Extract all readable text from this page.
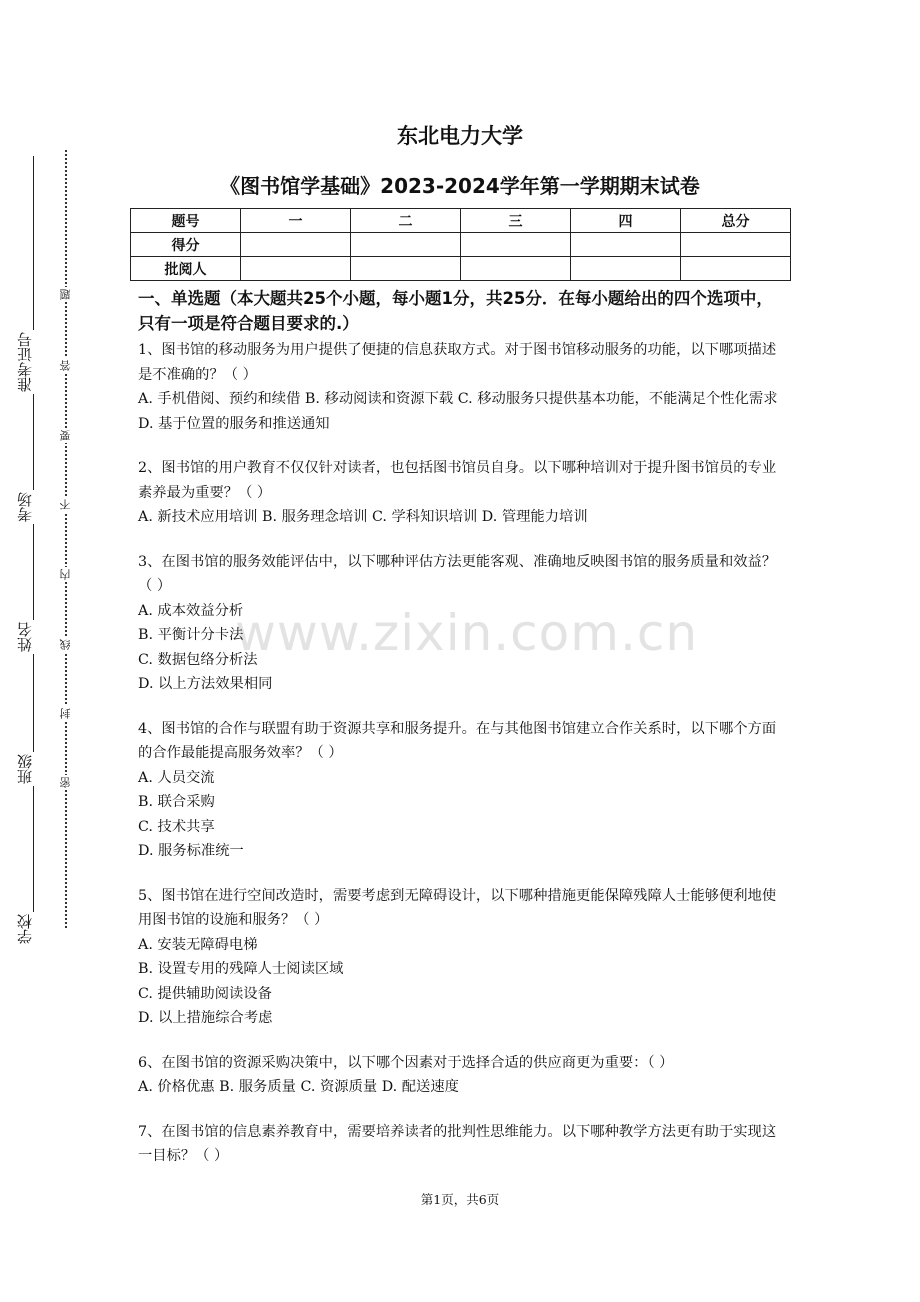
准考证号
考场
姓名
班级
学校
题
答
要
不
内
线
封
密
www.zixin.com.cn

东北电力大学

《图书馆学基础》2023-2024学年第一学期期末试卷

题号	一	二	三	四	总分
得分					
批阅人					

一、单选题（本大题共25个小题，每小题1分，共25分．在每小题给出的四个选项中，只有一项是符合题目要求的.）

1、图书馆的移动服务为用户提供了便捷的信息获取方式。对于图书馆移动服务的功能，以下哪项描述是不准确的？（ ）

A. 手机借阅、预约和续借 B. 移动阅读和资源下载 C. 移动服务只提供基本功能，不能满足个性化需求 D. 基于位置的服务和推送通知

2、图书馆的用户教育不仅仅针对读者，也包括图书馆员自身。以下哪种培训对于提升图书馆员的专业素养最为重要？（ ）

A. 新技术应用培训 B. 服务理念培训 C. 学科知识培训 D. 管理能力培训

3、在图书馆的服务效能评估中，以下哪种评估方法更能客观、准确地反映图书馆的服务质量和效益？（ ）

A. 成本效益分析
B. 平衡计分卡法
C. 数据包络分析法
D. 以上方法效果相同

4、图书馆的合作与联盟有助于资源共享和服务提升。在与其他图书馆建立合作关系时，以下哪个方面的合作最能提高服务效率？（ ）

A. 人员交流
B. 联合采购
C. 技术共享
D. 服务标准统一

5、图书馆在进行空间改造时，需要考虑到无障碍设计，以下哪种措施更能保障残障人士能够便利地使用图书馆的设施和服务？（ ）

A. 安装无障碍电梯
B. 设置专用的残障人士阅读区域
C. 提供辅助阅读设备
D. 以上措施综合考虑

6、在图书馆的资源采购决策中，以下哪个因素对于选择合适的供应商更为重要：（ ）

A. 价格优惠 B. 服务质量 C. 资源质量 D. 配送速度

7、在图书馆的信息素养教育中，需要培养读者的批判性思维能力。以下哪种教学方法更有助于实现这一目标？（ ）

第1页，共6页
